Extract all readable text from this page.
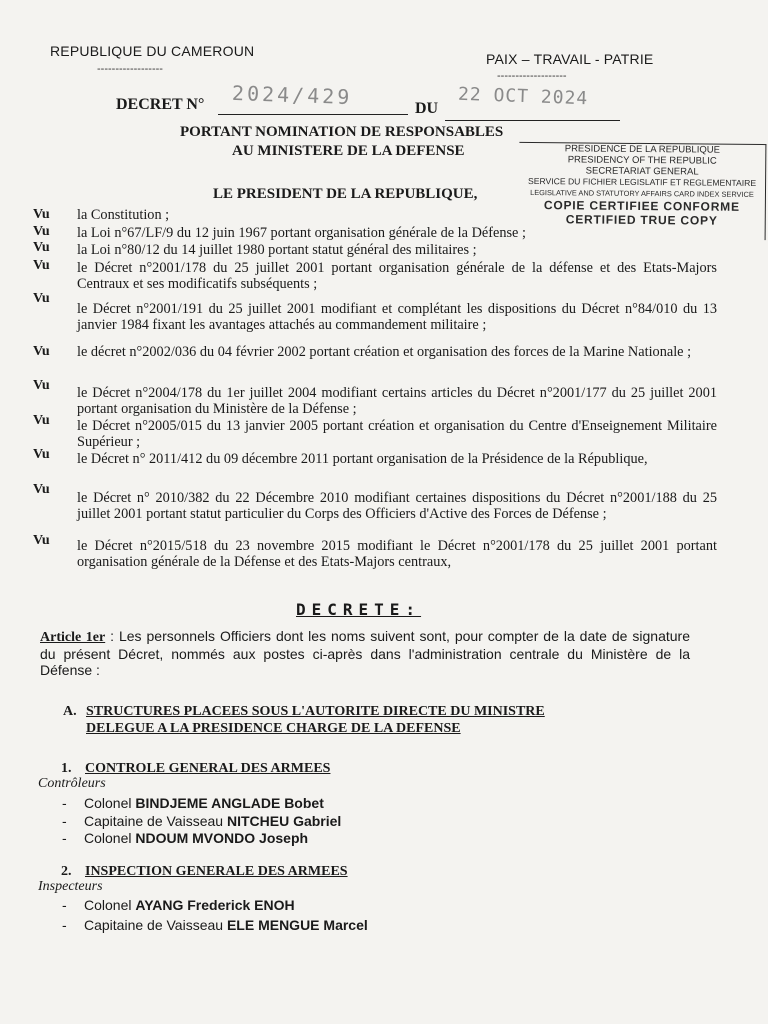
REPUBLIQUE DU CAMEROUN
------------------
PAIX – TRAVAIL - PATRIE
-------------------
DECRET N° 2024/429	DU 22 OCT 2024
PORTANT NOMINATION DE RESPONSABLES
AU MINISTERE DE LA DEFENSE
LE PRESIDENT DE LA REPUBLIQUE,
PRESIDENCE DE LA REPUBLIQUE
PRESIDENCY OF THE REPUBLIC
SECRETARIAT GENERAL
SERVICE DU FICHIER LEGISLATIF ET REGLEMENTAIRE
LEGISLATIVE AND STATUTORY AFFAIRS CARD INDEX SERVICE
COPIE CERTIFIEE CONFORME
CERTIFIED TRUE COPY
Vu la Constitution ;
Vu la Loi n°67/LF/9 du 12 juin 1967 portant organisation générale de la Défense ;
Vu la Loi n°80/12 du 14 juillet 1980 portant statut général des militaires ;
Vu le Décret n°2001/178 du 25 juillet 2001 portant organisation générale de la défense et des Etats-Majors Centraux et ses modificatifs subséquents ;
Vu
le Décret n°2001/191 du 25 juillet 2001 modifiant et complétant les dispositions du Décret n°84/010 du 13 janvier 1984 fixant les avantages attachés au commandement militaire ;
Vu le décret n°2002/036 du 04 février 2002 portant création et organisation des forces de la Marine Nationale ;
Vu le Décret n°2004/178 du 1er juillet 2004 modifiant certains articles du Décret n°2001/177 du 25 juillet 2001 portant organisation du Ministère de la Défense ;
Vu le Décret n°2005/015 du 13 janvier 2005 portant création et organisation du Centre d'Enseignement Militaire Supérieur ;
Vu le Décret n° 2011/412 du 09 décembre 2011 portant organisation de la Présidence de la République,
Vu
le Décret n° 2010/382 du 22 Décembre 2010 modifiant certaines dispositions du Décret n°2001/188 du 25 juillet 2001 portant statut particulier du Corps des Officiers d'Active des Forces de Défense ;
Vu le Décret n°2015/518 du 23 novembre 2015 modifiant le Décret n°2001/178 du 25 juillet 2001 portant organisation générale de la Défense et des Etats-Majors centraux,
DECRETE:
Article 1er : Les personnels Officiers dont les noms suivent sont, pour compter de la date de signature du présent Décret, nommés aux postes ci-après dans l'administration centrale du Ministère de la Défense :
A. STRUCTURES PLACEES SOUS L'AUTORITE DIRECTE DU MINISTRE
DELEGUE A LA PRESIDENCE CHARGE DE LA DEFENSE
1. CONTROLE GENERAL DES ARMEES
Contrôleurs
- Colonel BINDJEME ANGLADE Bobet
- Capitaine de Vaisseau NITCHEU Gabriel
- Colonel NDOUM MVONDO Joseph
2. INSPECTION GENERALE DES ARMEES
Inspecteurs
- Colonel AYANG Frederick ENOH
- Capitaine de Vaisseau ELE MENGUE Marcel
